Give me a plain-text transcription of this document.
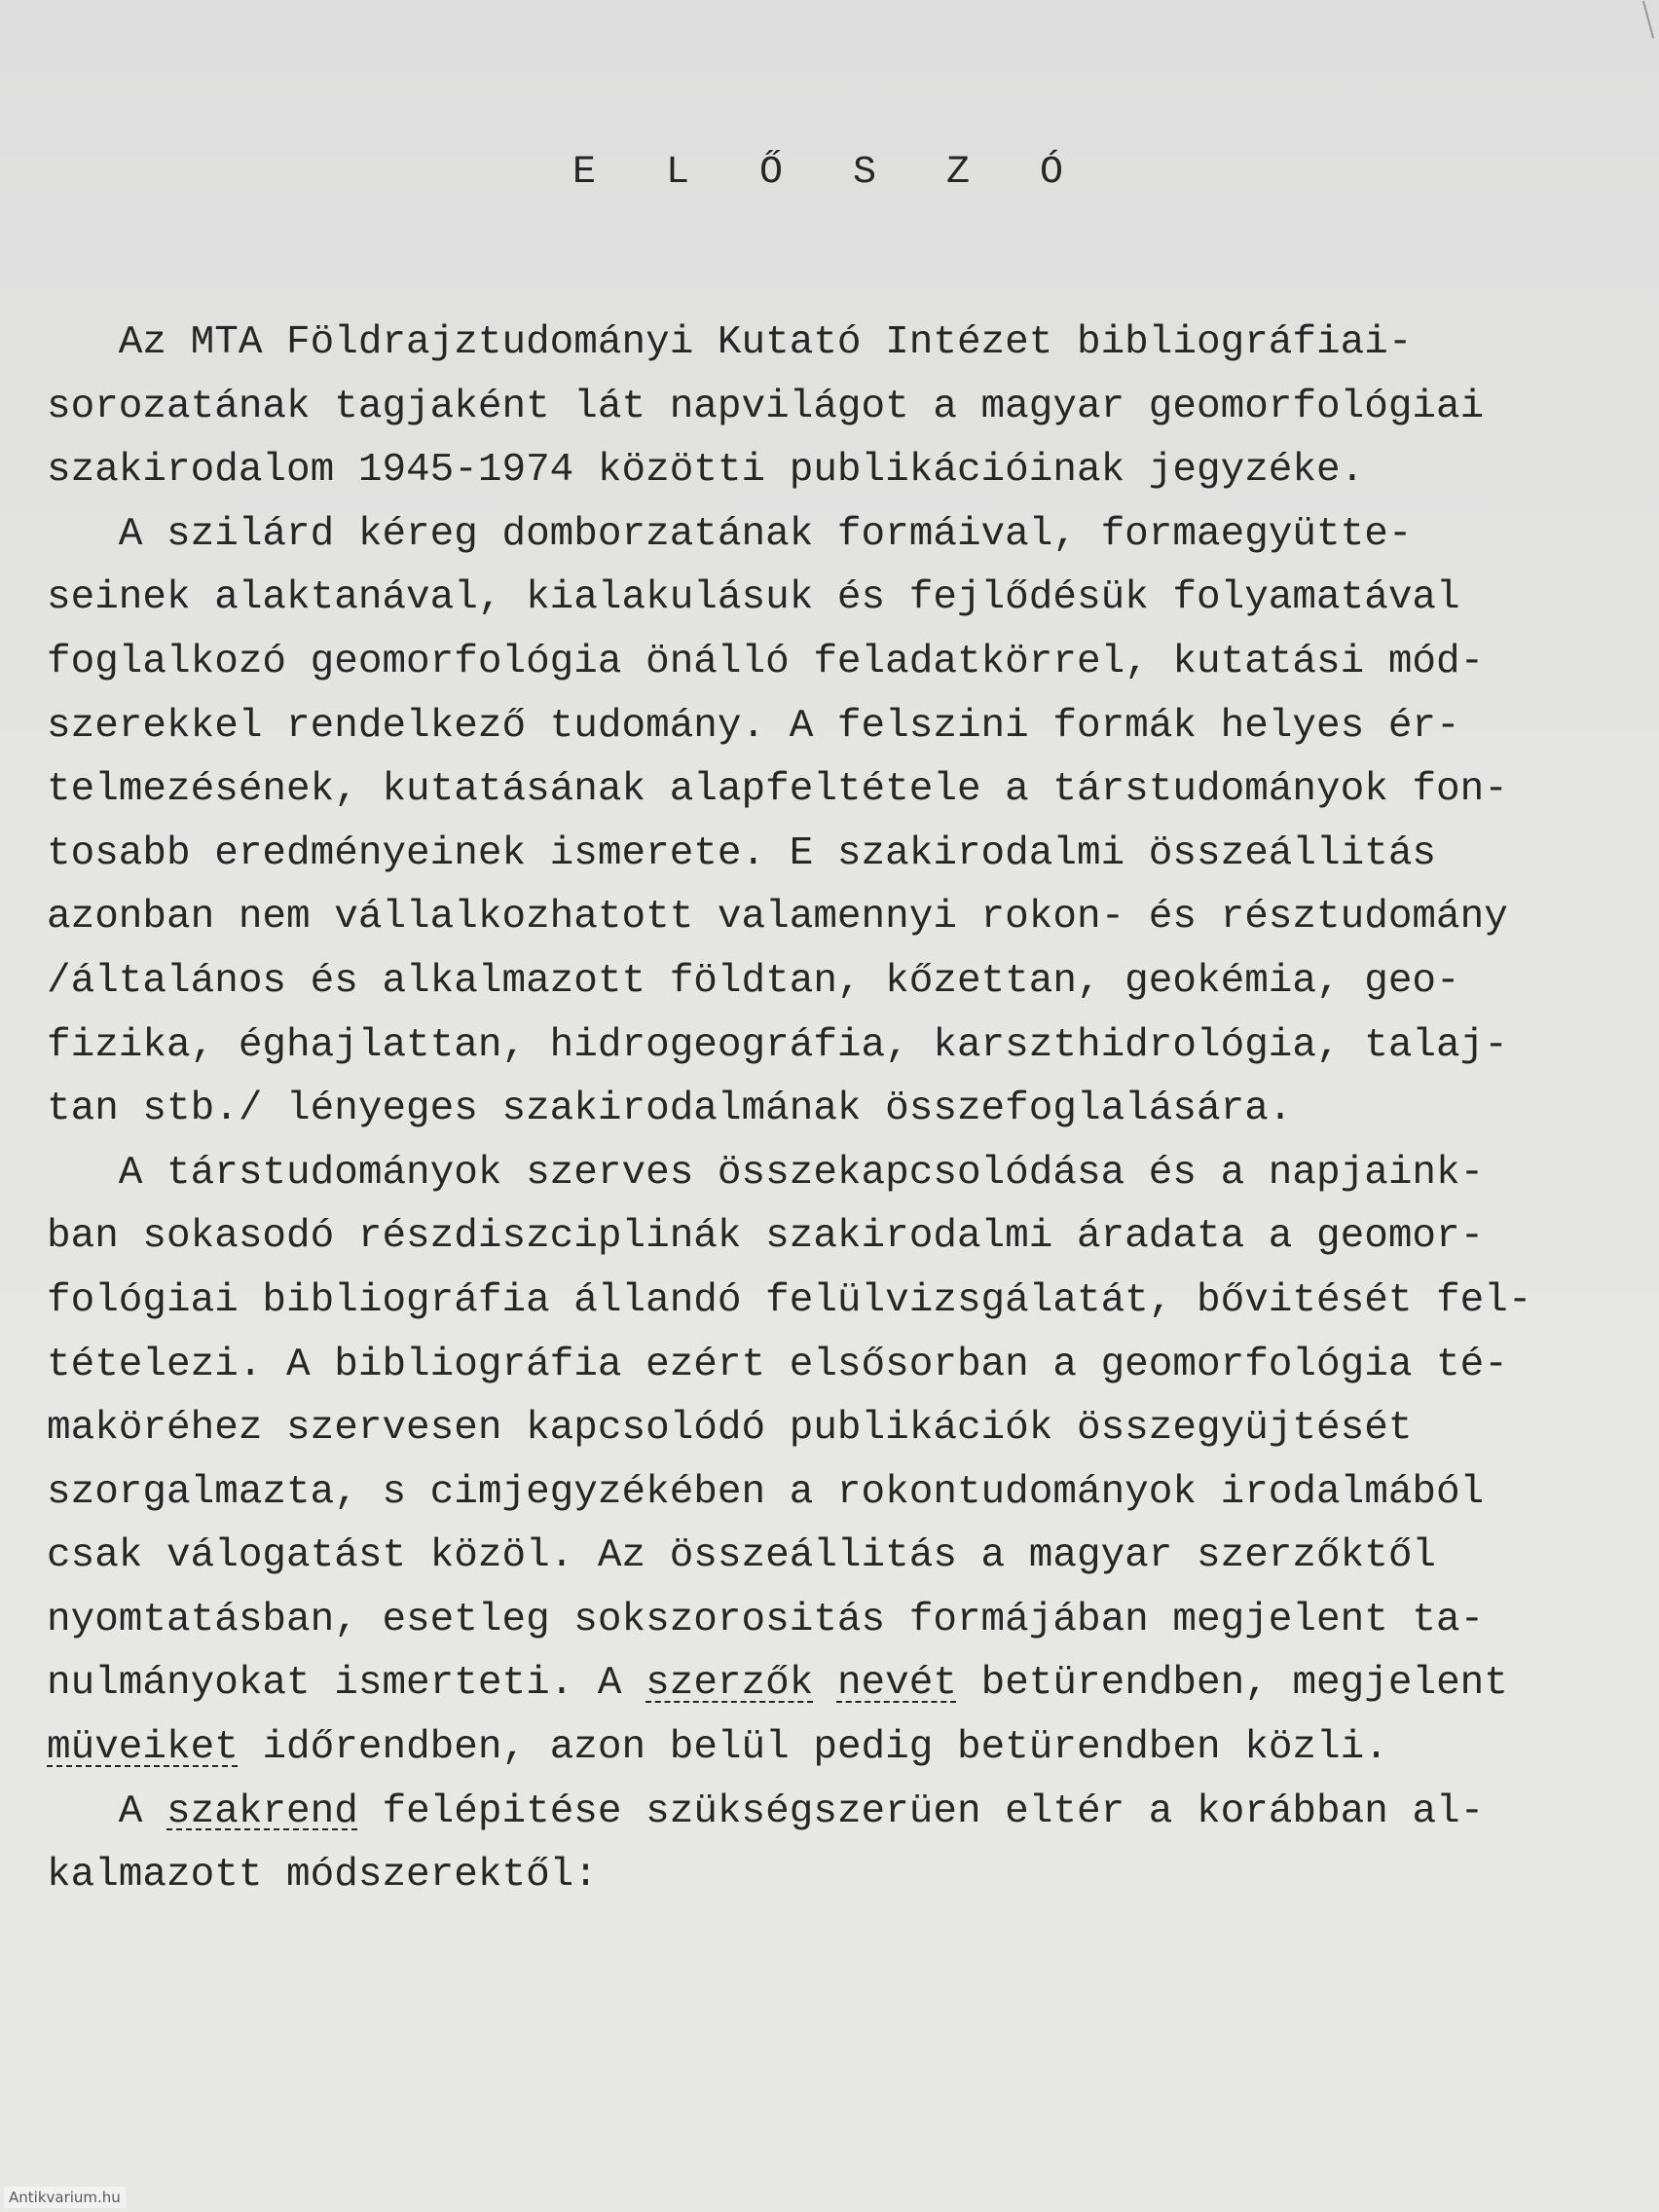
E L Ő S Z Ó
Az MTA Földrajztudományi Kutató Intézet bibliográfiai-
sorozatának tagjaként lát napvilágot a magyar geomorfológiai
szakirodalom 1945-1974 közötti publikációinak jegyzéke.
A szilárd kéreg domborzatának formáival, formaegyütte-
seinek alaktanával, kialakulásuk és fejlődésük folyamatával
foglalkozó geomorfológia önálló feladatkörrel, kutatási mód-
szerekkel rendelkező tudomány. A felszini formák helyes ér-
telmezésének, kutatásának alapfeltétele a társtudományok fon-
tosabb eredményeinek ismerete. E szakirodalmi összeállitás
azonban nem vállalkozhatott valamennyi rokon- és résztudomány
/általános és alkalmazott földtan, kőzettan, geokémia, geo-
fizika, éghajlattan, hidrogeográfia, karszthidrológia, talaj-
tan stb./ lényeges szakirodalmának összefoglalására.
A társtudományok szerves összekapcsolódása és a napjaink-
ban sokasodó részdiszciplinák szakirodalmi áradata a geomor-
fológiai bibliográfia állandó felülvizsgálatát, bővitését fel-
tételezi. A bibliográfia ezért elsősorban a geomorfológia té-
maköréhez szervesen kapcsolódó publikációk összegyüjtését
szorgalmazta, s cimjegyzékében a rokontudományok irodalmából
csak válogatást közöl. Az összeállitás a magyar szerzőktől
nyomtatásban, esetleg sokszorositás formájában megjelent ta-
nulmányokat ismerteti. A szerzők nevét betürendben, megjelent
müveiket időrendben, azon belül pedig betürendben közli.
A szakrend felépitése szükségszerüen eltér a korábban al-
kalmazott módszerektől:
Antikvarium.hu
